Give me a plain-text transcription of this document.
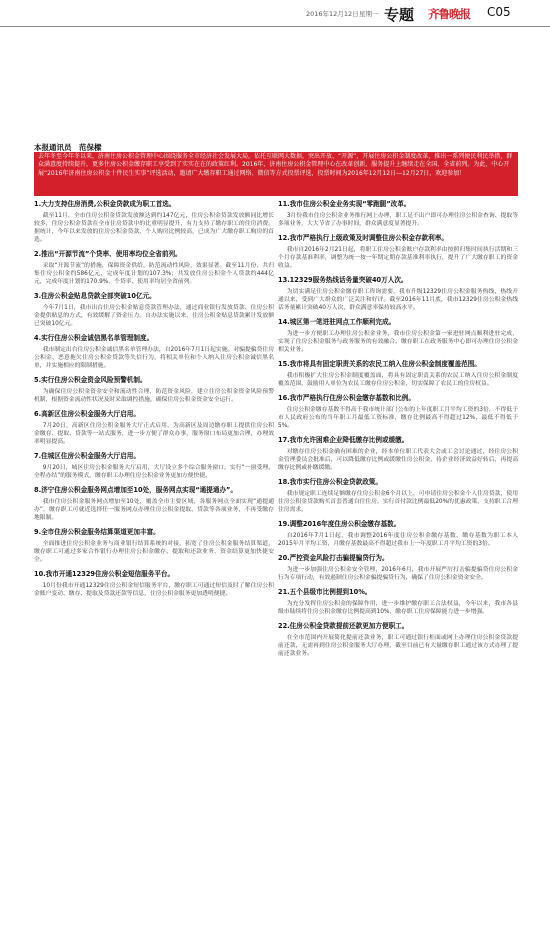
2016年12月12日 星期一 专题 齐鲁晚报	C05
本报通讯员　范保樑
去年冬至今年冬以来，济南住房公积金管理中心围绕服务全市经济社会发展大局，依托互联网大数据，突出开放、“开源”，开展住房公积金制度改革，推出一系列便民利民举措，群众满意度持续提升，更多住房公积金缴存职工享受到了实实在在的政策红利。2016年，济南住房公积金管理中心在改革创新、服务提升上继续走在全国、全省前列。为此，中心开展“2016年济南住房公积金十件民生实事”评选活动，邀请广大缴存职工通过网络、微信等方式投票评选，投票时间为2016年12月12日—12月27日，欢迎参加！
1.大力支持住房消费,公积金贷款成为职工首选。

截至11月，全市住房公积金贷款发放额达到约147亿元，住房公积金贷款发放额同比增长较多，住房公积金贷款在全市住房贷款中的比重明显提升，有力支持了缴存职工的住房消费。据统计，今年以来发放的住房公积金贷款，个人购房比例较高，已成为广大缴存职工购房的首选。

2.推出“开源节流”个贷率、使用率均位全省前列。

采取“开源节流”的措施，保障资金供给，防范流动性风险，效果显著。截至11月份，共归集住房公积金约586亿元，完成年度计划的107.3%；共发放住房公积金个人贷款约444亿元，完成年度计划的170.9%，个贷率、使用率均居全省前列。

3.住房公积金贴息贷款全部突破10亿元。

今年7月1日，我市出台住房公积金贴息贷款管理办法，通过商业银行发放贷款、住房公积金提供贴息的方式，有效缓解了资金压力。自办法实施以来，住房公积金贴息贷款累计发放额已突破10亿元。

4.实行住房公积金诚信黑名单管理制度。

我市制定出台住房公积金诚信黑名单管理办法，自2016年7月1日起实施。对骗提骗贷住房公积金、恶意拖欠住房公积金贷款等失信行为，将相关单位和个人纳入住房公积金诚信黑名单，并实施相应的限制措施。

5.实行住房公积金资金风险预警机制。

为确保住房公积金资金安全和流动性合理，防范资金风险，建立住房公积金资金风险预警机制，根据资金流动性状况及时采取调控措施，确保住房公积金资金安全运行。

6.高新区住房公积金服务大厅启用。

7月20日，高新区住房公积金服务大厅正式启用，为高新区及周边缴存职工提供住房公积金缴存、提取、贷款等一站式服务，进一步方便了群众办事，服务窗口布局更加合理，办理效率明显提高。

7.住城区住房公积金服务大厅启用。

9月20日，城区住房公积金服务大厅启用，大厅设立多个综合服务窗口，实行“一窗受理、全程办结”的服务模式，缴存职工办理住房公积金业务更加方便快捷。

8.济宁住房公积金服务网点增加至10处，服务网点实现“通提通办”。

我市住房公积金服务网点增加至10处，覆盖全市主要区域，各服务网点全面实现“通提通办”，缴存职工可就近选择任一服务网点办理住房公积金提取、贷款等各项业务，不再受缴存地限制。

9.全市住房公积金服务结算渠道更加丰富。

全面推进住房公积金业务与商业银行结算系统的对接，拓宽了住房公积金服务结算渠道，缴存职工可通过多家合作银行办理住房公积金缴存、提取和还款业务，资金结算更加快捷安全。

10.我市开通12329住房公积金短信服务平台。

10月份我市开通12329住房公积金短信服务平台，缴存职工可通过短信及时了解住房公积金账户变动、缴存、提取及贷款还款等信息，住房公积金服务更加透明便捷。

11.我市住房公积金业务实现“零跑腿”改革。

3月份我市住房公积金业务推行网上办理，职工足不出户即可办理住房公积金查询、提取等多项业务，大大节省了办事时间，群众满意度显著提升。

12.我市严格执行上级政策及时调整住房公积金存款利率。

我市自2016年2月21日起，将职工住房公积金账户存款利率由按照归集时间执行活期和三个月存款基准利率，调整为统一按一年期定期存款基准利率执行，提升了广大缴存职工的资金收益。

13.12329服务热线话务量突破40万人次。

为切实满足住房公积金缴存职工咨询需要，我市升级12329住房公积金服务热线，热线开通以来，受到广大群众的广泛关注和好评。截至2016年11月底，我市12329住房公积金热线话务量累计突破40万人次，群众满意率保持较高水平。

14.城区第一笔进驻网点工作顺利完成。

为进一步方便职工办理住房公积金业务，我市住房公积金第一家进驻网点顺利进驻完成，实现了住房公积金服务与政务服务的有效融合，缴存职工在政务服务中心即可办理住房公积金相关业务。

15.我市将具有固定职责关系的农民工纳入住房公积金制度覆盖范围。

我市积极扩大住房公积金制度覆盖面，将具有固定职责关系的农民工纳入住房公积金制度覆盖范围，鼓励用人单位为农民工缴存住房公积金，切实保障了农民工的住房权益。

16.我市严格执行住房公积金缴存基数和比例。

住房公积金缴存基数不得高于我市统计部门公布的上年度职工月平均工资的3倍，不得低于市人民政府公布的当年职工月最低工资标准，缴存比例最高不得超过12%，最低不得低于5%。

17.我市允许困难企业降低缴存比例或缓缴。

对缴存住房公积金确有困难的企业，经本单位职工代表大会或工会讨论通过，经住房公积金管理委员会批准后，可以降低缴存比例或缓缴住房公积金，待企业经济效益好转后，再提高缴存比例或补缴缓缴。

18.我市实行住房公积金贷款政策。

我市规定职工连续足额缴存住房公积金6个月以上，可申请住房公积金个人住房贷款，使用住房公积金贷款购买首套普通自住住房，实行首付款比例最低20%的优惠政策，支持职工合理住房需求。

19.调整2016年度住房公积金缴存基数。

自2016年7月1日起，我市调整2016年度住房公积金缴存基数，缴存基数为职工本人2015年月平均工资，月缴存基数最高不得超过我市上一年度职工月平均工资的3倍。

20.严控资金风险打击骗提骗贷行为。

为进一步加强住房公积金安全管理，2016年6月，我市开展严厉打击骗提骗贷住房公积金行为专项行动，有效遏制住房公积金骗提骗贷行为，确保了住房公积金资金安全。

21.五个县级市比例提到10%。

为充分发挥住房公积金的保障作用，进一步维护缴存职工合法权益，今年以来，我市各县级市陆续将住房公积金缴存比例提高到10%，缴存职工住房保障能力进一步增强。

22.住房公积金贷款提前还款更加方便职工。

在全市范围内开展简化提前还款业务，职工可通过银行柜面或网上办理住房公积金贷款提前还款，无需再到住房公积金服务大厅办理，截至目前已有大量缴存职工通过该方式办理了提前还款业务。
